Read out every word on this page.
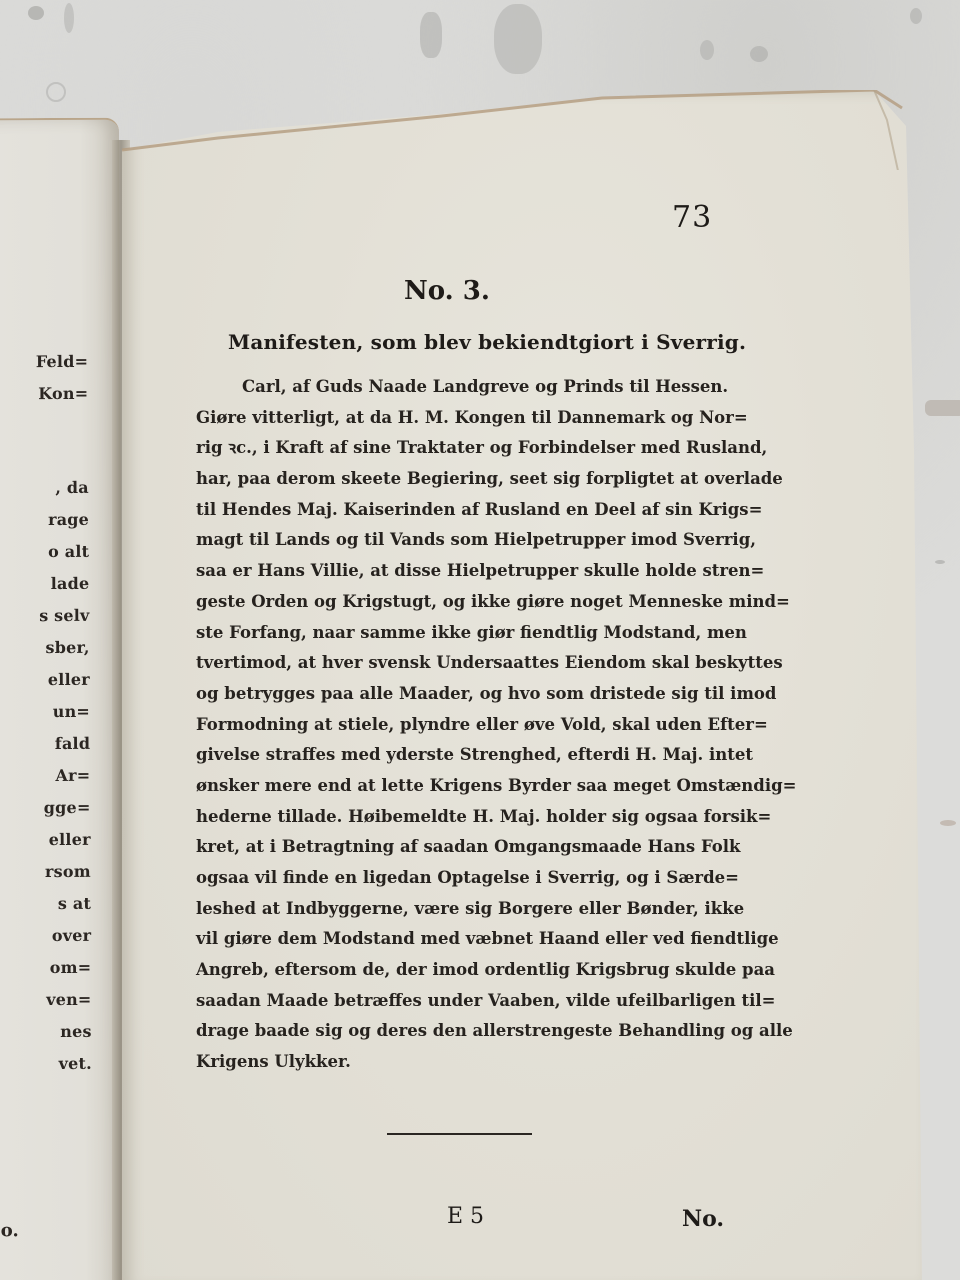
Feld=
Kon=
, da
rage
o alt
lade
s selv
sber,
eller
un=
fald
Ar=
gge=
eller
rsom
s at
over
om=
ven=
nes
vet.
o.
73
No. 3.
Manifesten, som blev bekiendtgiort i Sverrig.
Carl, af Guds Naade Landgreve og Prinds til Hessen.
Giøre vitterligt, at da H. M. Kongen til Dannemark og Nor=
rig ꝛc., i Kraft af sine Traktater og Forbindelser med Rusland,
har, paa derom skeete Begiering, seet sig forpligtet at overlade
til Hendes Maj. Kaiserinden af Rusland en Deel af sin Krigs=
magt til Lands og til Vands som Hielpetrupper imod Sverrig,
saa er Hans Villie, at disse Hielpetrupper skulle holde stren=
geste Orden og Krigstugt, og ikke giøre noget Menneske mind=
ste Forfang, naar samme ikke giør fiendtlig Modstand, men
tvertimod, at hver svensk Undersaattes Eiendom skal beskyttes
og betrygges paa alle Maader, og hvo som dristede sig til imod
Formodning at stiele, plyndre eller øve Vold, skal uden Efter=
givelse straffes med yderste Strenghed, efterdi H. Maj. intet
ønsker mere end at lette Krigens Byrder saa meget Omstændig=
hederne tillade. Høibemeldte H. Maj. holder sig ogsaa forsik=
kret, at i Betragtning af saadan Omgangsmaade Hans Folk
ogsaa vil finde en ligedan Optagelse i Sverrig, og i Særde=
leshed at Indbyggerne, være sig Borgere eller Bønder, ikke
vil giøre dem Modstand med væbnet Haand eller ved fiendtlige
Angreb, eftersom de, der imod ordentlig Krigsbrug skulde paa
saadan Maade betræffes under Vaaben, vilde ufeilbarligen til=
drage baade sig og deres den allerstrengeste Behandling og alle
Krigens Ulykker.
E 5	No.
